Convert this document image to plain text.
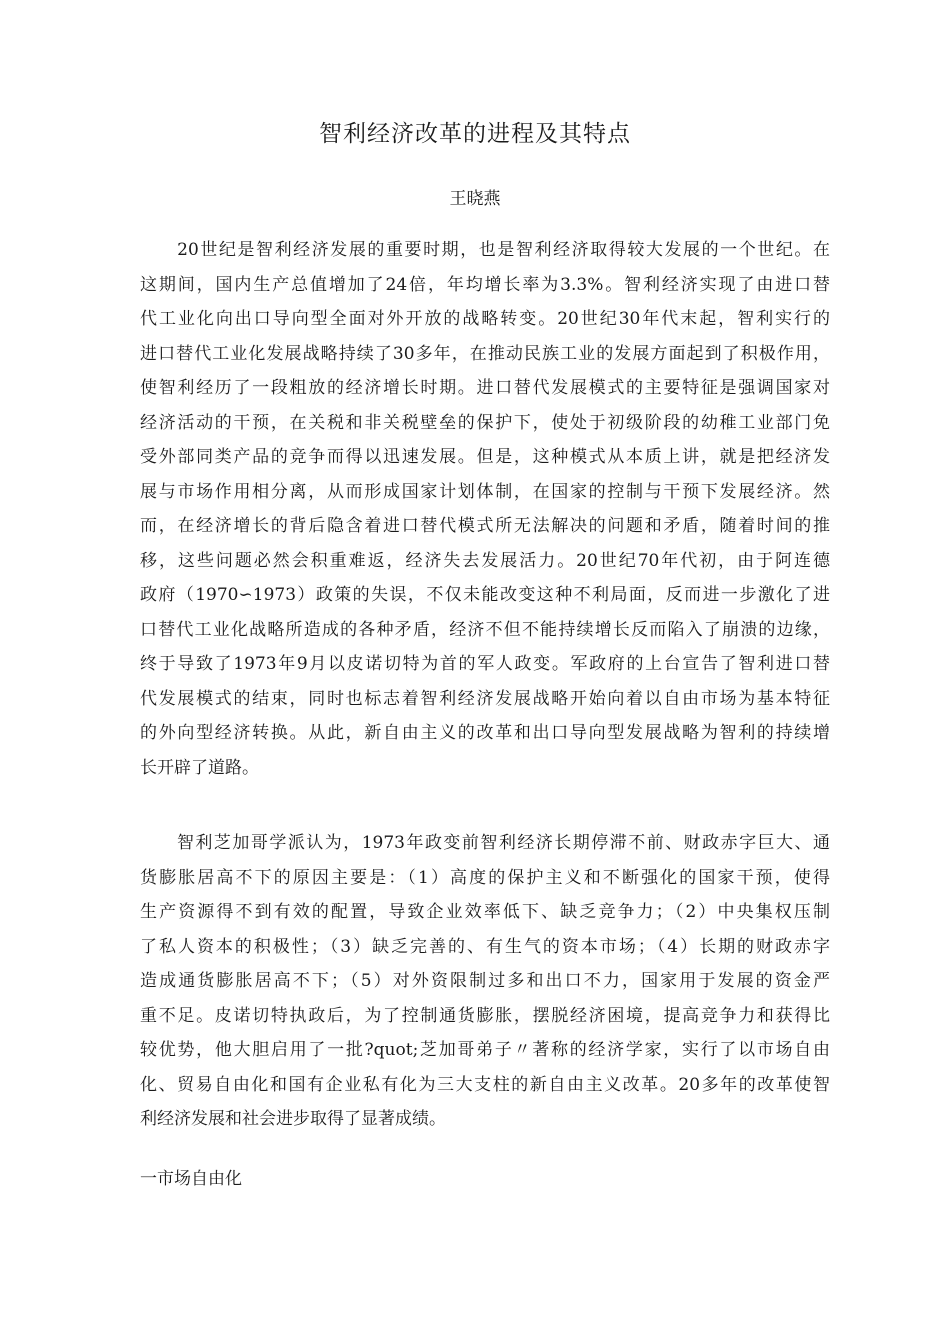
智利经济改革的进程及其特点
王晓燕
　　20世纪是智利经济发展的重要时期，也是智利经济取得较大发展的一个世纪。在
这期间，国内生产总值增加了24倍，年均增长率为3.3%。智利经济实现了由进口替
代工业化向出口导向型全面对外开放的战略转变。20世纪30年代末起，智利实行的
进口替代工业化发展战略持续了30多年，在推动民族工业的发展方面起到了积极作用，
使智利经历了一段粗放的经济增长时期。进口替代发展模式的主要特征是强调国家对
经济活动的干预，在关税和非关税壁垒的保护下，使处于初级阶段的幼稚工业部门免
受外部同类产品的竞争而得以迅速发展。但是，这种模式从本质上讲，就是把经济发
展与市场作用相分离，从而形成国家计划体制，在国家的控制与干预下发展经济。然
而，在经济增长的背后隐含着进口替代模式所无法解决的问题和矛盾，随着时间的推
移，这些问题必然会积重难返，经济失去发展活力。20世纪70年代初，由于阿连德
政府（1970∽1973）政策的失误，不仅未能改变这种不利局面，反而进一步激化了进
口替代工业化战略所造成的各种矛盾，经济不但不能持续增长反而陷入了崩溃的边缘，
终于导致了1973年9月以皮诺切特为首的军人政变。军政府的上台宣告了智利进口替
代发展模式的结束，同时也标志着智利经济发展战略开始向着以自由市场为基本特征
的外向型经济转换。从此，新自由主义的改革和出口导向型发展战略为智利的持续增
长开辟了道路。
　　智利芝加哥学派认为，1973年政变前智利经济长期停滞不前、财政赤字巨大、通
货膨胀居高不下的原因主要是：（1）高度的保护主义和不断强化的国家干预，使得
生产资源得不到有效的配置，导致企业效率低下、缺乏竞争力；（2）中央集权压制
了私人资本的积极性；（3）缺乏完善的、有生气的资本市场；（4）长期的财政赤字
造成通货膨胀居高不下；（5）对外资限制过多和出口不力，国家用于发展的资金严
重不足。皮诺切特执政后，为了控制通货膨胀，摆脱经济困境，提高竞争力和获得比
较优势，他大胆启用了一批?quot;芝加哥弟子〃著称的经济学家，实行了以市场自由
化、贸易自由化和国有企业私有化为三大支柱的新自由主义改革。20多年的改革使智
利经济发展和社会进步取得了显著成绩。
一市场自由化
